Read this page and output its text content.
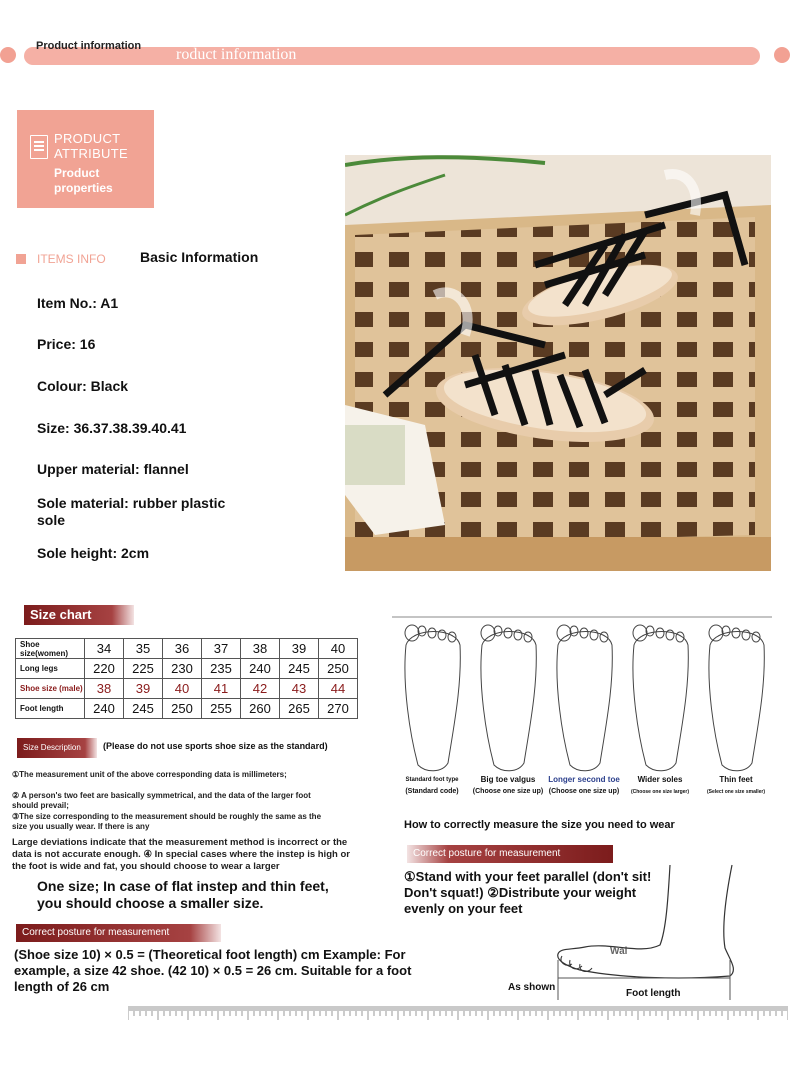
roduct information
Product information
PRODUCT
ATTRIBUTE
Product
properties
ITEMS INFO Basic Information
Item No.: A1
Price: 16
Colour: Black
Size: 36.37.38.39.40.41
Upper material: flannel
Sole material: rubber plastic sole
Sole height: 2cm
Size chart
Shoe size(women)	34	35	36	37	38	39	40
Long legs	220	225	230	235	240	245	250
Shoe size (male)	38	39	40	41	42	43	44
Foot length	240	245	250	255	260	265	270
Size Description	(Please do not use sports shoe size as the standard)
①The measurement unit of the above corresponding data is millimeters;
② A person's two feet are basically symmetrical, and the data of the larger foot should prevail;
③The size corresponding to the measurement should be roughly the same as the size you usually wear. If there is any
Large deviations indicate that the measurement method is incorrect or the data is not accurate enough. ④ In special cases where the instep is high or the foot is wide and fat, you should choose to wear a larger
One size; In case of flat instep and thin feet, you should choose a smaller size.
Correct posture for measurement
(Shoe size 10) × 0.5 = (Theoretical foot length) cm Example: For example, a size 42 shoe. (42 10) × 0.5 = 26 cm. Suitable for a foot length of 26 cm
Standard foot type
(Standard code)
Big toe valgus
(Choose one size up)
Longer second toe
(Choose one size up)
Wider soles
(Choose one size larger)
Thin feet
(Select one size smaller)
How to correctly measure the size you need to wear
Correct posture for measurement
①Stand with your feet parallel (don't sit! Don't squat!) ②Distribute your weight evenly on your feet
Wai
As shown
Foot length
